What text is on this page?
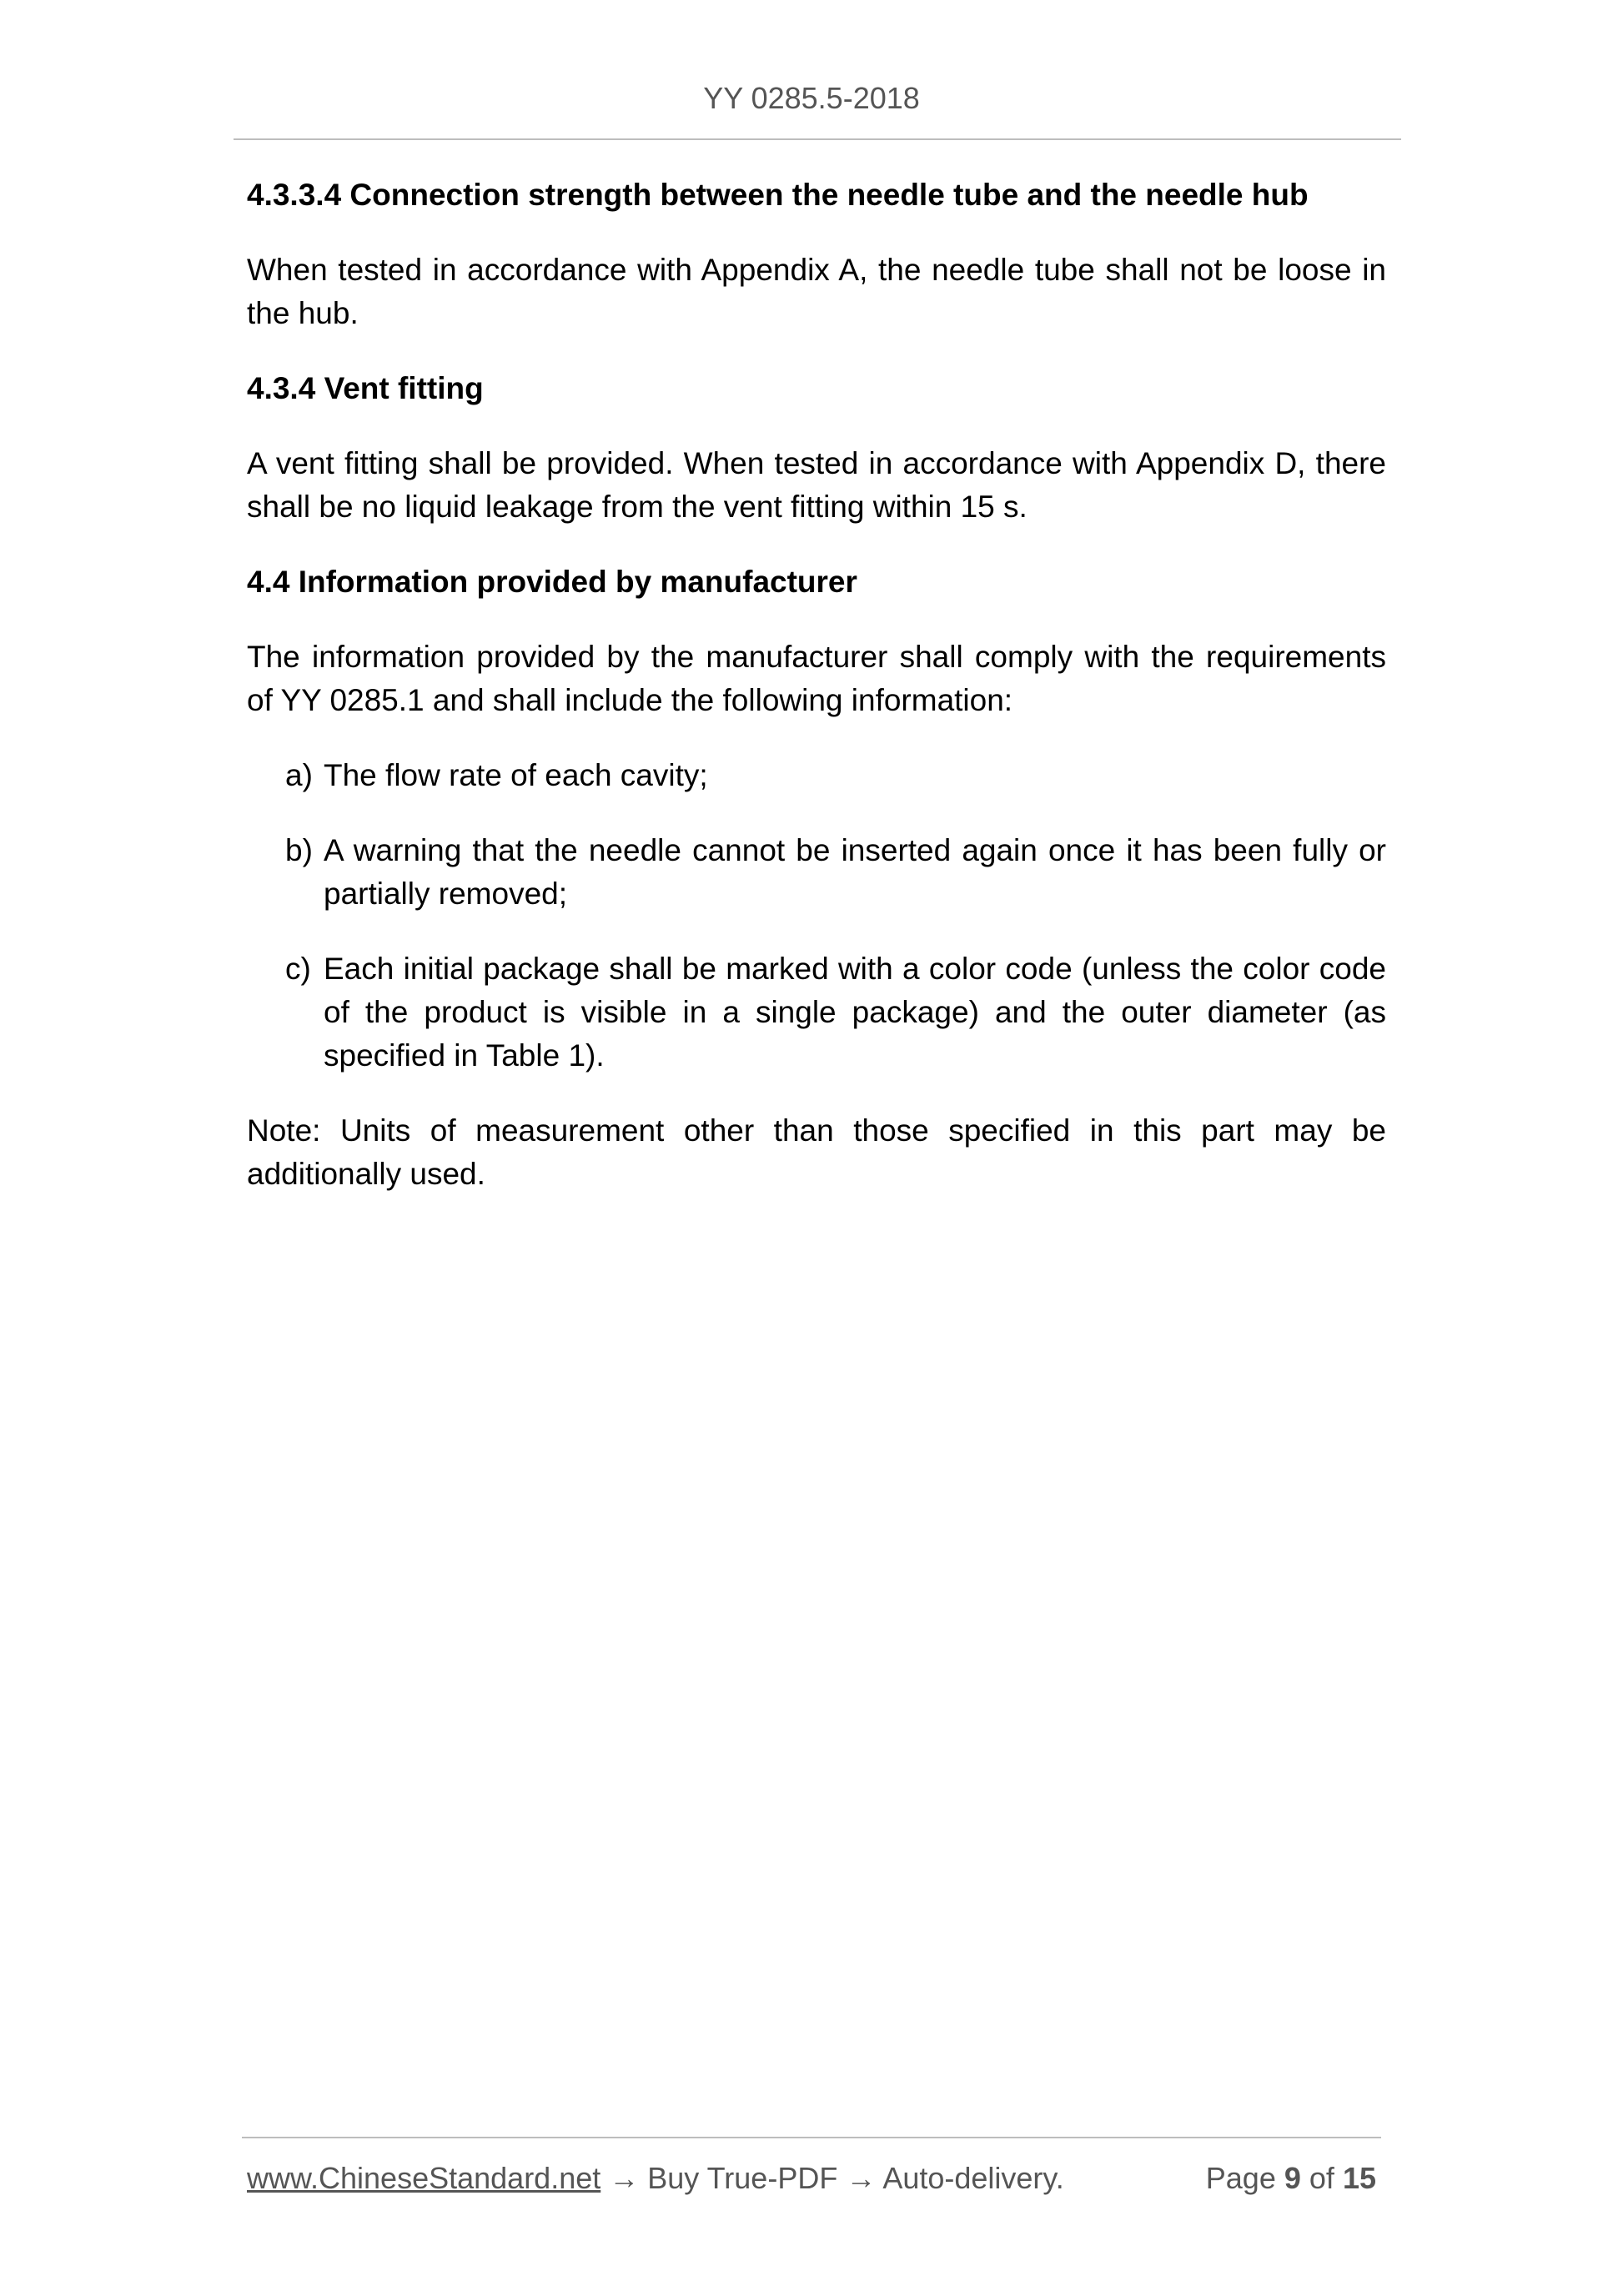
YY 0285.5-2018
4.3.3.4 Connection strength between the needle tube and the needle hub
When tested in accordance with Appendix A, the needle tube shall not be loose in the hub.
4.3.4 Vent fitting
A vent fitting shall be provided. When tested in accordance with Appendix D, there shall be no liquid leakage from the vent fitting within 15 s.
4.4 Information provided by manufacturer
The information provided by the manufacturer shall comply with the requirements of YY 0285.1 and shall include the following information:
a) The flow rate of each cavity;
b) A warning that the needle cannot be inserted again once it has been fully or partially removed;
c) Each initial package shall be marked with a color code (unless the color code of the product is visible in a single package) and the outer diameter (as specified in Table 1).
Note: Units of measurement other than those specified in this part may be additionally used.
www.ChineseStandard.net → Buy True-PDF → Auto-delivery.	Page 9 of 15
